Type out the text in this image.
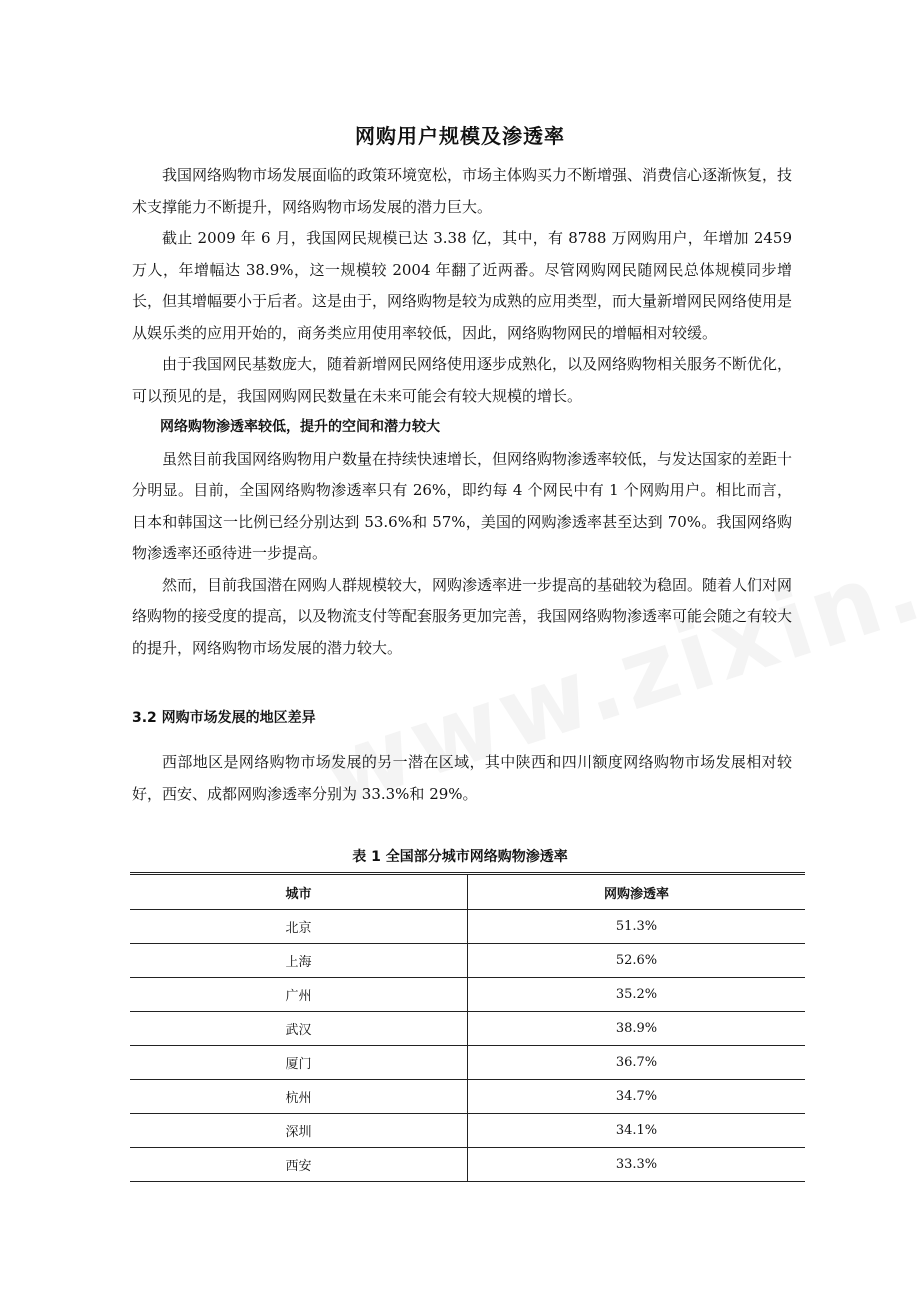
网购用户规模及渗透率

我国网络购物市场发展面临的政策环境宽松，市场主体购买力不断增强、消费信心逐渐恢复，技术支撑能力不断提升，网络购物市场发展的潜力巨大。

截止 2009 年 6 月，我国网民规模已达 3.38 亿，其中，有 8788 万网购用户，年增加 2459 万人，年增幅达 38.9%，这一规模较 2004 年翻了近两番。尽管网购网民随网民总体规模同步增长，但其增幅要小于后者。这是由于，网络购物是较为成熟的应用类型，而大量新增网民网络使用是从娱乐类的应用开始的，商务类应用使用率较低，因此，网络购物网民的增幅相对较缓。

由于我国网民基数庞大，随着新增网民网络使用逐步成熟化，以及网络购物相关服务不断优化，可以预见的是，我国网购网民数量在未来可能会有较大规模的增长。

网络购物渗透率较低，提升的空间和潜力较大

虽然目前我国网络购物用户数量在持续快速增长，但网络购物渗透率较低，与发达国家的差距十分明显。目前，全国网络购物渗透率只有 26%，即约每 4 个网民中有 1 个网购用户。相比而言，日本和韩国这一比例已经分别达到 53.6%和 57%，美国的网购渗透率甚至达到 70%。我国网络购物渗透率还亟待进一步提高。

然而，目前我国潜在网购人群规模较大，网购渗透率进一步提高的基础较为稳固。随着人们对网络购物的接受度的提高，以及物流支付等配套服务更加完善，我国网络购物渗透率可能会随之有较大的提升，网络购物市场发展的潜力较大。

3.2 网购市场发展的地区差异
西部地区是网络购物市场发展的另一潜在区域，其中陕西和四川额度网络购物市场发展相对较好，西安、成都网购渗透率分别为 33.3%和 29%。
表 1 全国部分城市网络购物渗透率
城市	网购渗透率
北京	51.3%
上海	52.6%
广州	35.2%
武汉	38.9%
厦门	36.7%
杭州	34.7%
深圳	34.1%
西安	33.3%
